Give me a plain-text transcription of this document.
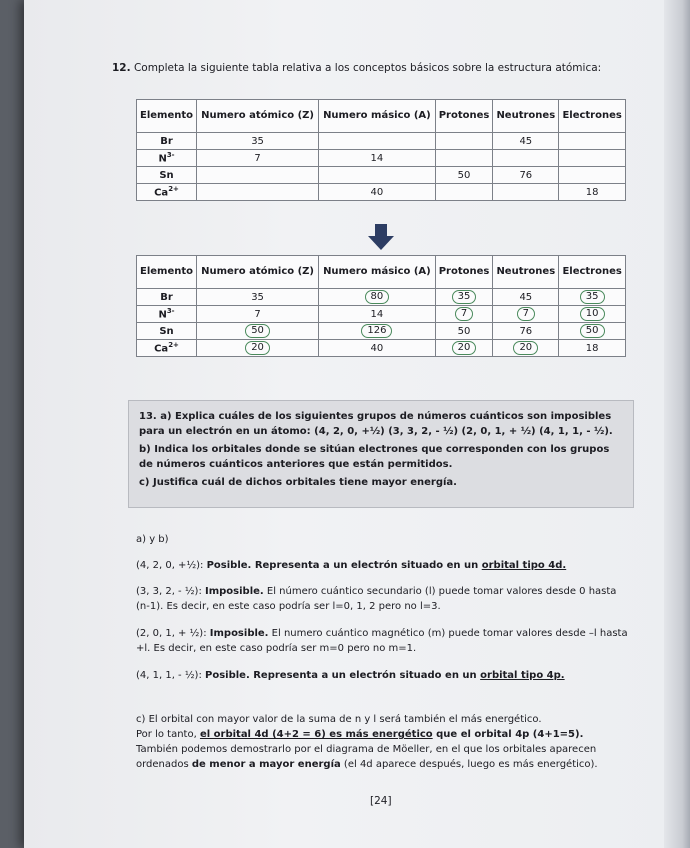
12. Completa la siguiente tabla relativa a los conceptos básicos sobre la estructura atómica:
Elemento	Numero atómico (Z)	Numero másico (A)	Protones	Neutrones	Electrones
Br	35			45	
$N^{3-}$	7	14			
Sn			50	76	
$Ca^{2+}$		40			18
Elemento	Numero atómico (Z)	Numero másico (A)	Protones	Neutrones	Electrones
Br	35	80	35	45	35
$N^{3-}$	7	14	7	7	10
Sn	50	126	50	76	50
$Ca^{2+}$	20	40	20	20	18

13. a) Explica cuáles de los siguientes grupos de números cuánticos son imposibles para un electrón en un átomo: (4, 2, 0, +½) (3, 3, 2, - ½) (2, 0, 1, + ½) (4, 1, 1, - ½).

b) Indica los orbitales donde se sitúan electrones que corresponden con los grupos de números cuánticos anteriores que están permitidos.

c) Justifica cuál de dichos orbitales tiene mayor energía.

a) y b)
(4, 2, 0, +½): Posible. Representa a un electrón situado en un orbital tipo 4d.
(3, 3, 2, - ½): Imposible. El número cuántico secundario (l) puede tomar valores desde 0 hasta (n-1). Es decir, en este caso podría ser l=0, 1, 2 pero no l=3.
(2, 0, 1, + ½): Imposible. El numero cuántico magnético (m) puede tomar valores desde –l hasta +l. Es decir, en este caso podría ser m=0 pero no m=1.
(4, 1, 1, - ½): Posible. Representa a un electrón situado en un orbital tipo 4p.
c) El orbital con mayor valor de la suma de n y l será también el más energético.
Por lo tanto, el orbital 4d (4+2 = 6) es más energético que el orbital 4p (4+1=5).
También podemos demostrarlo por el diagrama de Möeller, en el que los orbitales aparecen ordenados de menor a mayor energía (el 4d aparece después, luego es más energético).
[24]
